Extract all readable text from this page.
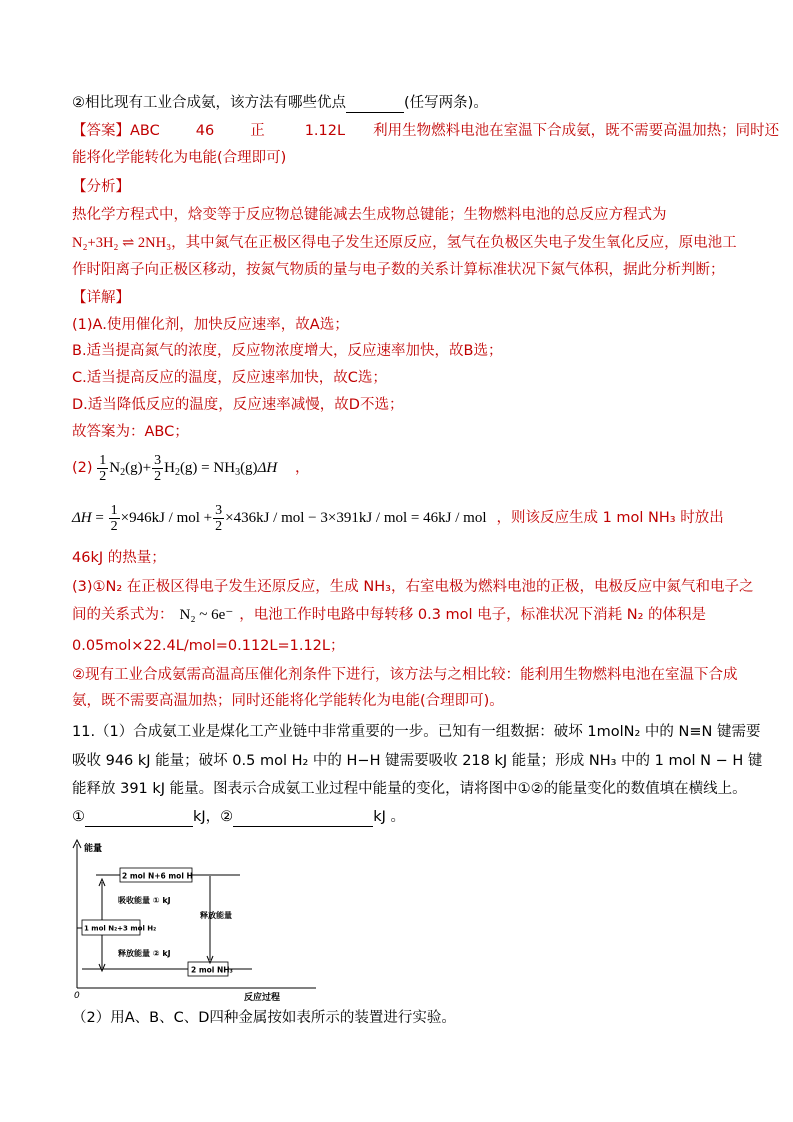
②相比现有工业合成氨，该方法有哪些优点	(任写两条)。
【答案】ABC 46 正	1.12L 利用生物燃料电池在室温下合成氨，既不需要高温加热；同时还
能将化学能转化为电能(合理即可)
【分析】
热化学方程式中，焓变等于反应物总键能减去生成物总键能；生物燃料电池的总反应方程式为
N₂+3H₂ ⇌ 2NH₃，其中氮气在正极区得电子发生还原反应，氢气在负极区失电子发生氧化反应，原电池工
作时阳离子向正极区移动，按氮气物质的量与电子数的关系计算标准状况下氮气体积，据此分析判断；
【详解】
(1)A.使用催化剂，加快反应速率，故A选；
B.适当提高氮气的浓度，反应物浓度增大，反应速率加快，故B选；
C.适当提高反应的温度，反应速率加快，故C选；
D.适当降低反应的温度，反应速率减慢，故D不选；
故答案为：ABC；
$(2) \frac{1}{2} N_2(g)+ \frac{3}{2} H_2(g) = NH_3(g)\Delta H$ ，
$\Delta H = \frac{1}{2} \times 946kJ$ / mol + $\frac{3}{2} \times 436kJ$ / mol − 3×391kJ / mol = 46kJ / mol ，则该反应生成 1 mol NH₃ 时放出
46kJ 的热量；
(3)①N₂ 在正极区得电子发生还原反应，生成 NH₃，右室电极为燃料电池的正极，电极反应中氮气和电子之
间的关系式为： N₂ ~ 6e⁻ ，电池工作时电路中每转移 0.3 mol 电子，标准状况下消耗 N₂ 的体积是
0.05mol×22.4L/mol=0.112L=1.12L；
②现有工业合成氨需高温高压催化剂条件下进行，该方法与之相比较：能利用生物燃料电池在室温下合成
氨，既不需要高温加热；同时还能将化学能转化为电能(合理即可)。
11.（1）合成氨工业是煤化工产业链中非常重要的一步。已知有一组数据：破坏 1molN₂ 中的 N≡N 键需要
吸收 946 kJ 能量；破坏 0.5 mol H₂ 中的 H−H 键需要吸收 218 kJ 能量；形成 NH₃ 中的 1 mol N − H 键
能释放 391 kJ 能量。图表示合成氨工业过程中能量的变化，请将图中①②的能量变化的数值填在横线上。
①	kJ，②	kJ 。
能量
0	反应过程
2 mol N+6 mol H
1 mol N₂+3 mol H₂
2 mol NH₃
吸收能量 ① kJ
释放能量 ② kJ
释放能量
（2）用A、B、C、D四种金属按如表所示的装置进行实验。
